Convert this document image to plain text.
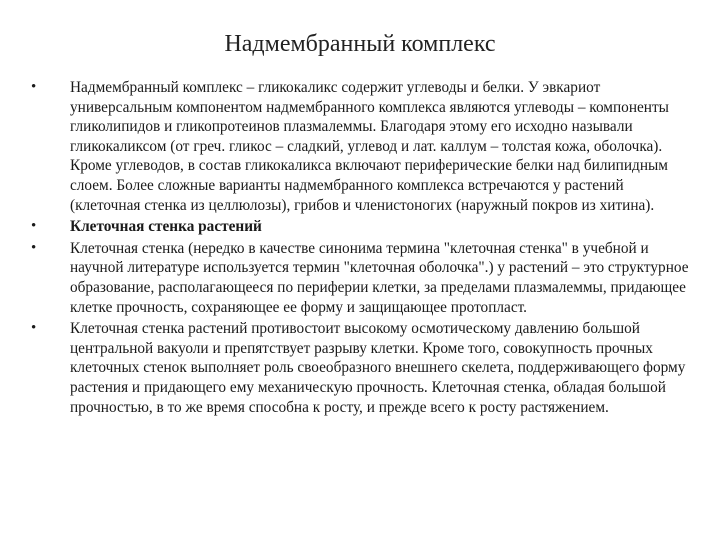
Надмембранный комплекс
• Надмембранный комплекс – гликокаликс содержит углеводы и белки. У эвкариот универсальным компонентом надмембранного комплекса являются углеводы – компоненты гликолипидов и гликопротеинов плазмалеммы. Благодаря этому его исходно называли гликокаликсом (от греч. гликос – сладкий, углевод и лат. каллум – толстая кожа, оболочка). Кроме углеводов, в состав гликокаликса включают периферические белки над билипидным слоем. Более сложные варианты надмембранного комплекса встречаются у растений (клеточная стенка из целлюлозы), грибов и членистоногих (наружный покров из хитина).
• Клеточная стенка растений
• Клеточная стенка (нередко в качестве синонима термина "клеточная стенка" в учебной и научной литературе используется термин "клеточная оболочка".) у растений – это структурное образование, располагающееся по периферии клетки, за пределами плазмалеммы, придающее клетке прочность, сохраняющее ее форму и защищающее протопласт.
• Клеточная стенка растений противостоит высокому осмотическому давлению большой центральной вакуоли и препятствует разрыву клетки. Кроме того, совокупность прочных клеточных стенок выполняет роль своеобразного внешнего скелета, поддерживающего форму растения и придающего ему механическую прочность. Клеточная стенка, обладая большой прочностью, в то же время способна к росту, и прежде всего к росту растяжением.
